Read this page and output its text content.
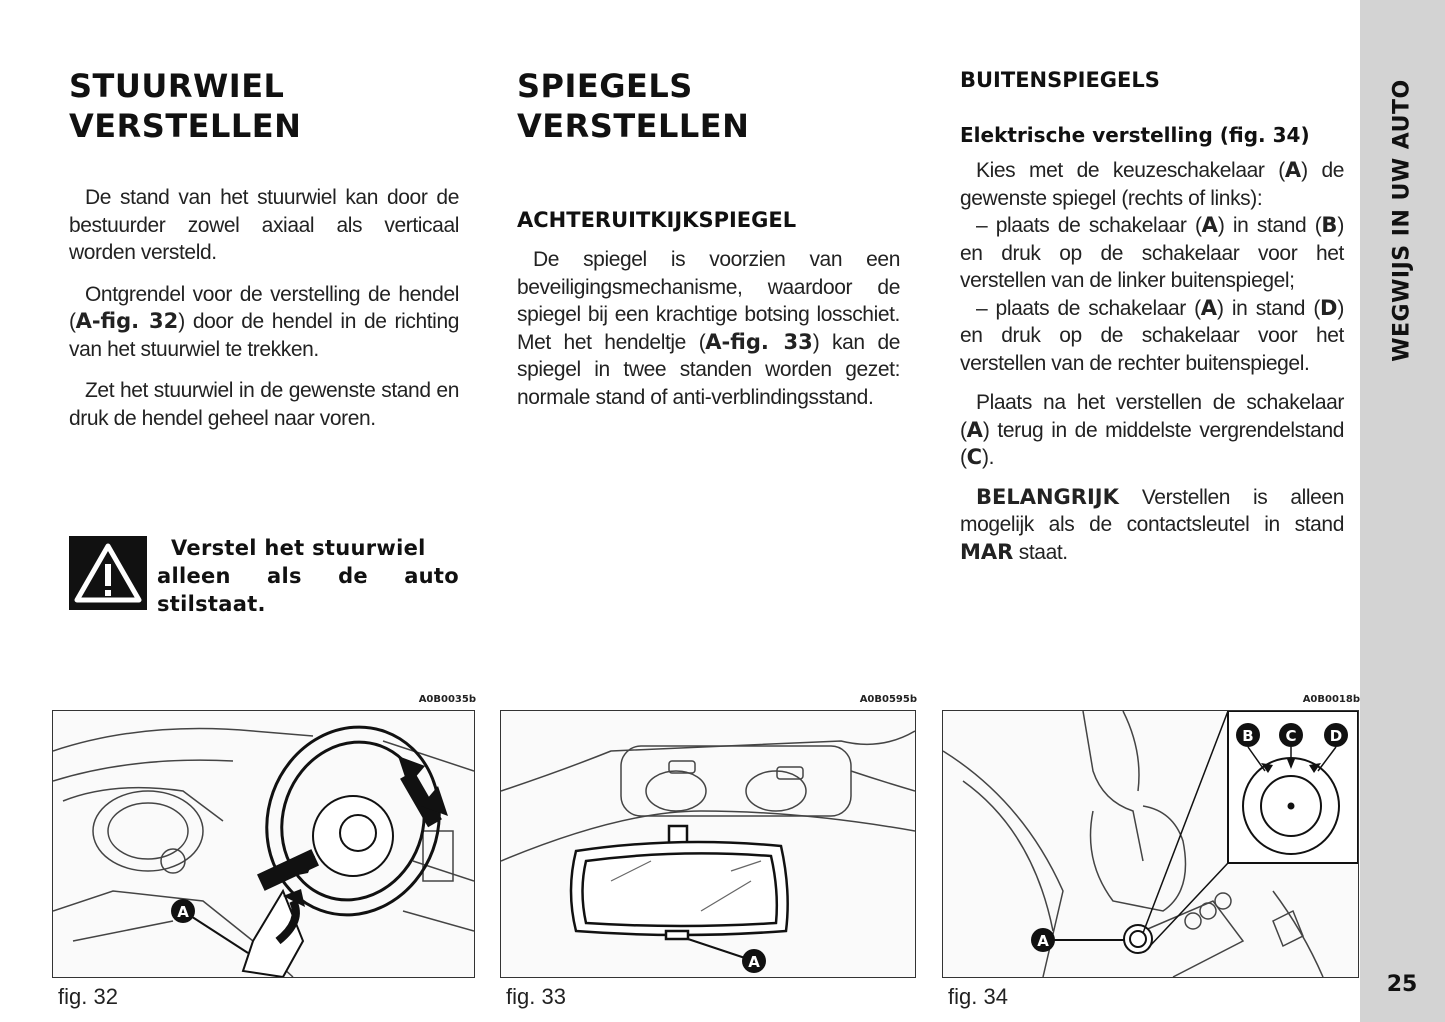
WEGWIJS IN UW AUTO
25
STUURWIEL
VERSTELLEN

De stand van het stuurwiel kan door de bestuurder zowel axiaal als verticaal worden versteld.

Ontgrendel voor de verstelling de hendel (A-fig. 32) door de hendel in de richting van het stuurwiel te trekken.

Zet het stuurwiel in de gewenste stand en druk de hendel geheel naar voren.

Verstel het stuurwiel alleen als de auto stilstaat.
SPIEGELS VERSTELLEN
ACHTERUITKIJKSPIEGEL

De spiegel is voorzien van een beveiligingsmechanisme, waardoor de spiegel bij een krachtige botsing losschiet. Met het hendeltje (A-fig. 33) kan de spiegel in twee standen worden gezet: normale stand of anti-verblindingsstand.

BUITENSPIEGELS
Elektrische verstelling (fig. 34)

Kies met de keuzeschakelaar (A) de gewenste spiegel (rechts of links):

– plaats de schakelaar (A) in stand (B) en druk op de schakelaar voor het verstellen van de linker buitenspiegel;

– plaats de schakelaar (A) in stand (D) en druk op de schakelaar voor het verstellen van de rechter buitenspiegel.

Plaats na het verstellen de schakelaar (A) terug in de middelste vergrendelstand (C).

BELANGRIJK Verstellen is alleen mogelijk als de contactsleutel in stand MAR staat.

A0B0035b
A
fig. 32
A0B0595b
A
fig. 33
A0B0018b
B C D
A
fig. 34
